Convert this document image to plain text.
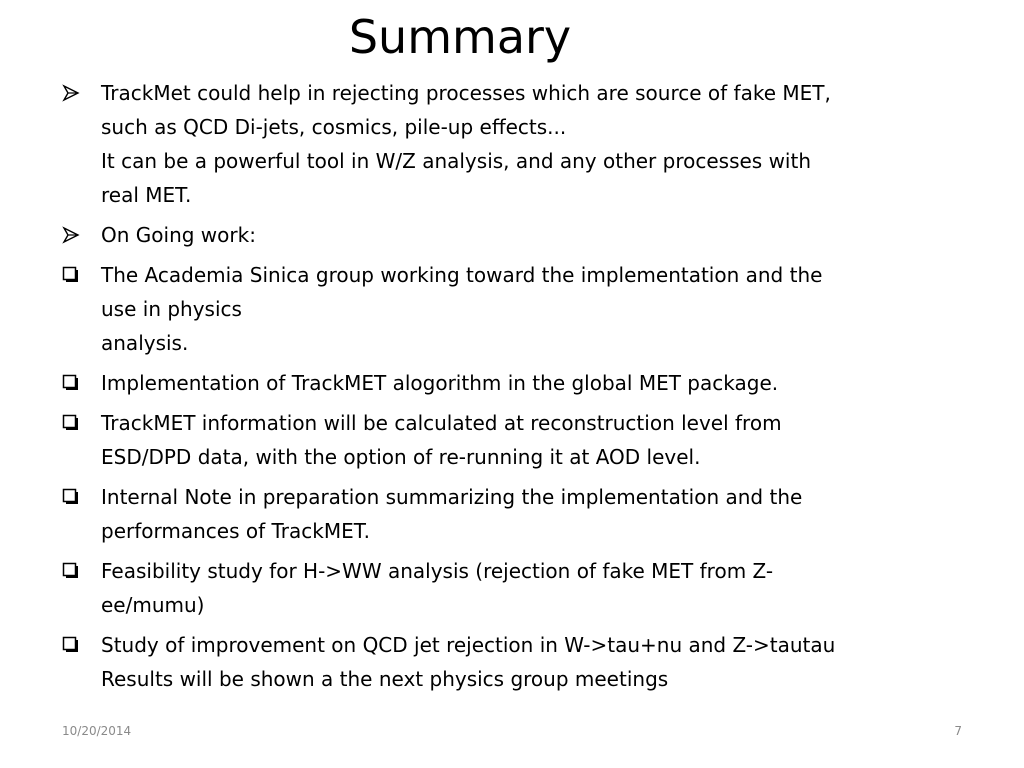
Summary
TrackMet could help in rejecting processes which are source of fake MET,
such as QCD Di-jets, cosmics, pile-up effects...
It can be a powerful tool in W/Z analysis, and any other processes with
real MET.
On Going work:
The Academia Sinica group working toward the implementation and the
use in physics
analysis.
Implementation of TrackMET alogorithm in the global MET package.
TrackMET information will be calculated at reconstruction level from
ESD/DPD data, with the option of re-running it at AOD level.
Internal Note in preparation summarizing the implementation and the
performances of TrackMET.
Feasibility study for H->WW analysis (rejection of fake MET from Z-
ee/mumu)
Study of improvement on QCD jet rejection in W->tau+nu and Z->tautau
Results will be shown a the next physics group meetings
10/20/2014	7
